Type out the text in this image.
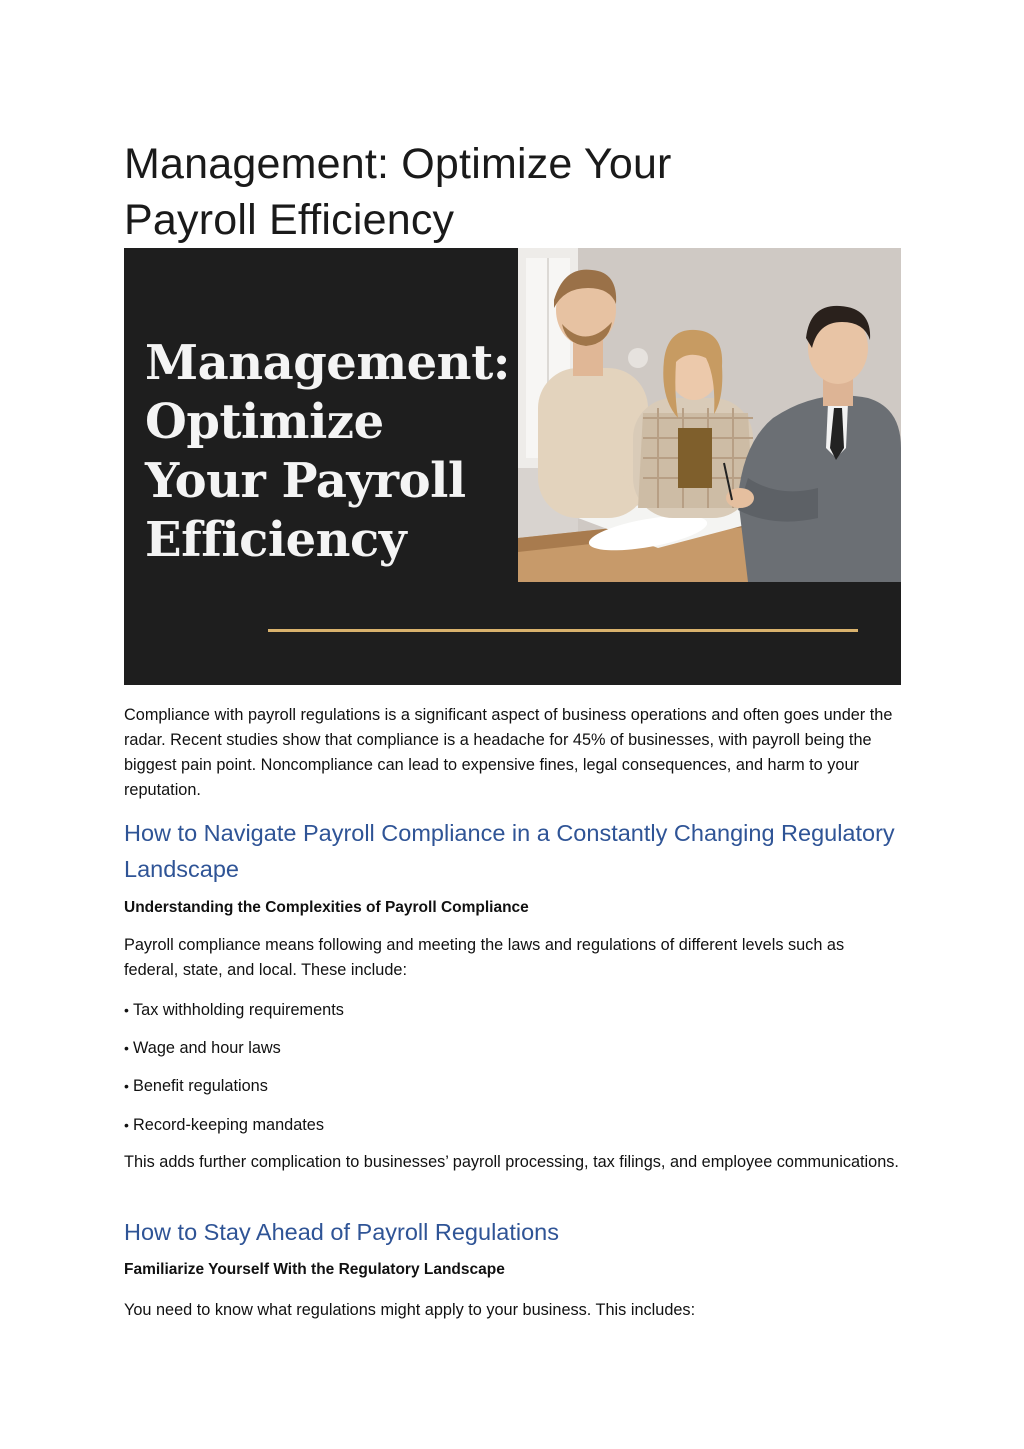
Management: Optimize Your
Payroll Efficiency
Management:
Optimize
Your Payroll
Efficiency

Compliance with payroll regulations is a significant aspect of business operations and often goes under the radar. Recent studies show that compliance is a headache for 45% of businesses, with payroll being the biggest pain point. Noncompliance can lead to expensive fines, legal consequences, and harm to your reputation.

How to Navigate Payroll Compliance in a Constantly Changing Regulatory Landscape
Understanding the Complexities of Payroll Compliance

Payroll compliance means following and meeting the laws and regulations of different levels such as federal, state, and local. These include:

• Tax withholding requirements
• Wage and hour laws
• Benefit regulations
• Record-keeping mandates

This adds further complication to businesses’ payroll processing, tax filings, and employee communications.

How to Stay Ahead of Payroll Regulations
Familiarize Yourself With the Regulatory Landscape

You need to know what regulations might apply to your business. This includes:
